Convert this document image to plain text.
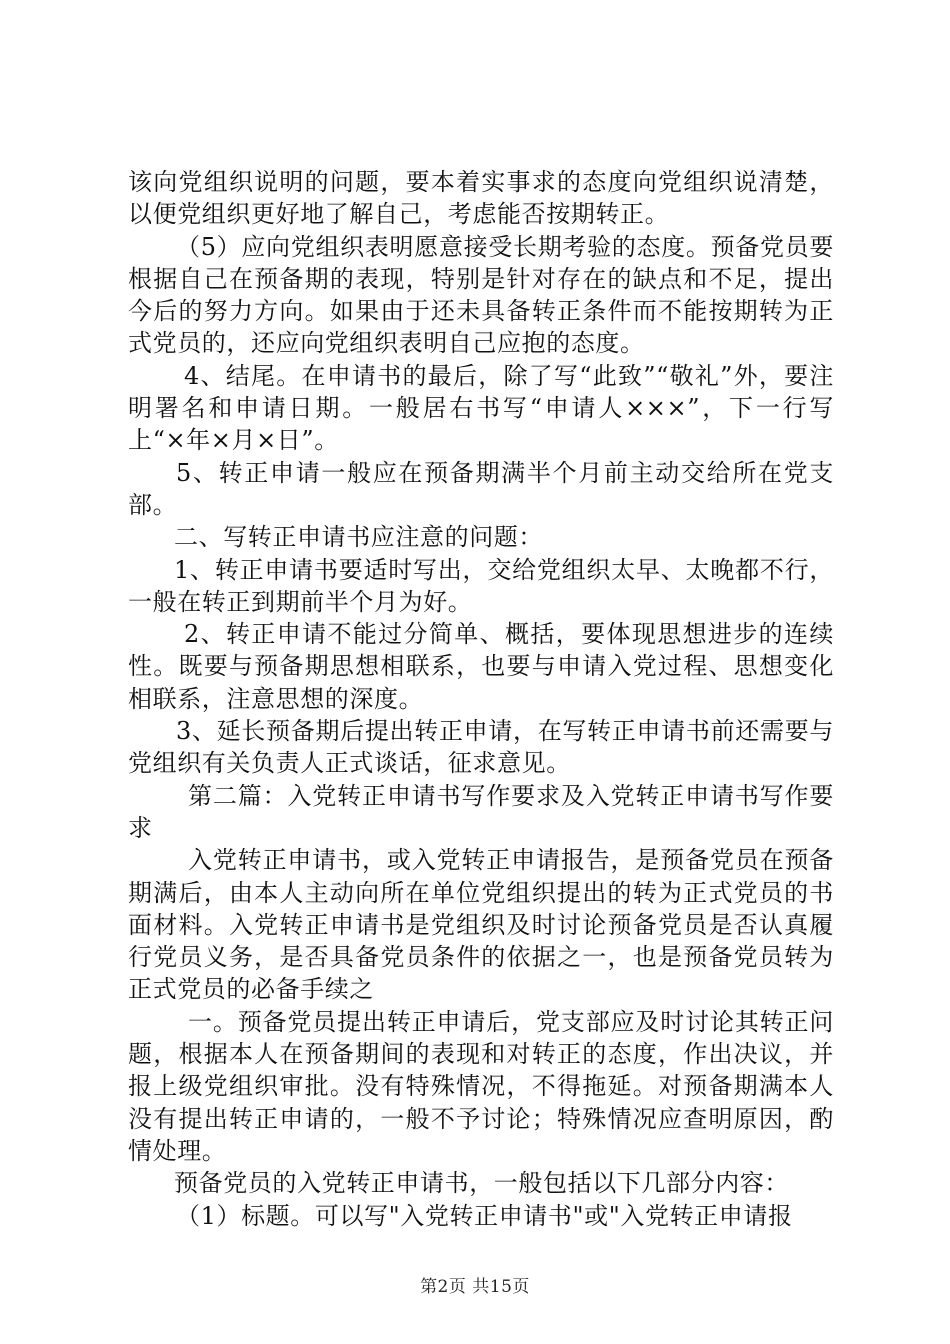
该向党组织说明的问题，要本着实事求的态度向党组织说清楚，以便党组织更好地了解自己，考虑能否按期转正。

（5）应向党组织表明愿意接受长期考验的态度。预备党员要根据自己在预备期的表现，特别是针对存在的缺点和不足，提出今后的努力方向。如果由于还未具备转正条件而不能按期转为正式党员的，还应向党组织表明自己应抱的态度。

4、结尾。在申请书的最后，除了写“此致”“敬礼”外，要注明署名和申请日期。一般居右书写“申请人×××”，下一行写上“×年×月×日”。

5、转正申请一般应在预备期满半个月前主动交给所在党支部。

二、写转正申请书应注意的问题：

1、转正申请书要适时写出，交给党组织太早、太晚都不行，一般在转正到期前半个月为好。

2、转正申请不能过分简单、概括，要体现思想进步的连续性。既要与预备期思想相联系，也要与申请入党过程、思想变化相联系，注意思想的深度。

3、延长预备期后提出转正申请，在写转正申请书前还需要与党组织有关负责人正式谈话，征求意见。

第二篇：入党转正申请书写作要求及入党转正申请书写作要求

入党转正申请书，或入党转正申请报告，是预备党员在预备期满后，由本人主动向所在单位党组织提出的转为正式党员的书面材料。入党转正申请书是党组织及时讨论预备党员是否认真履行党员义务，是否具备党员条件的依据之一，也是预备党员转为正式党员的必备手续之

一。预备党员提出转正申请后，党支部应及时讨论其转正问题，根据本人在预备期间的表现和对转正的态度，作出决议，并报上级党组织审批。没有特殊情况，不得拖延。对预备期满本人没有提出转正申请的，一般不予讨论；特殊情况应查明原因，酌情处理。

预备党员的入党转正申请书，一般包括以下几部分内容：

（1）标题。可以写"入党转正申请书"或"入党转正申请报

第2页 共15页
